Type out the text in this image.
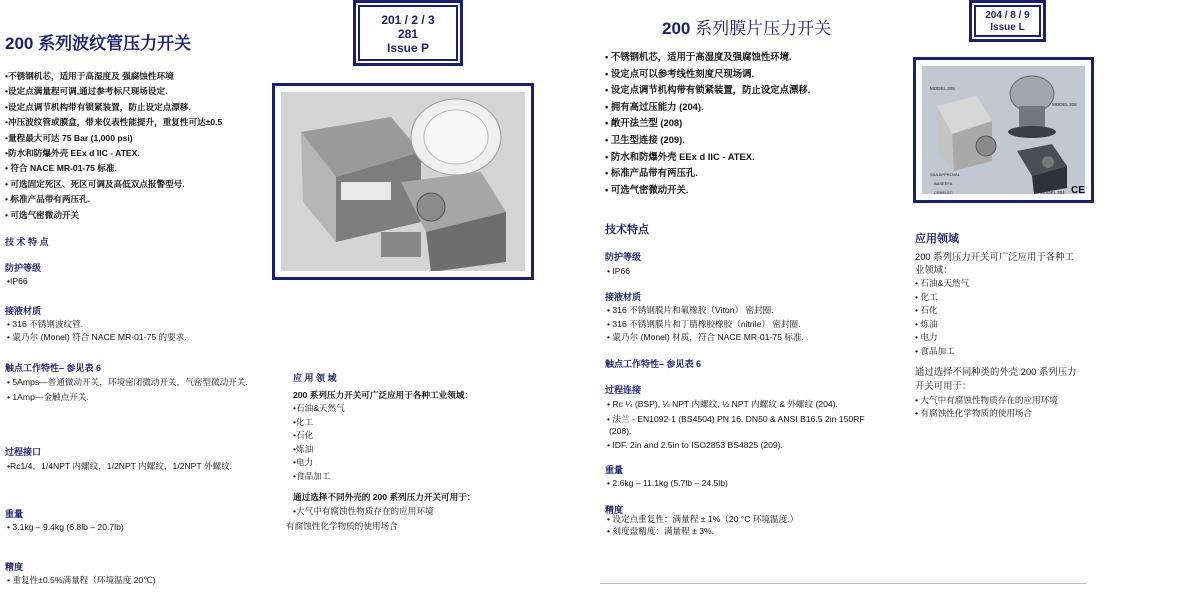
201 / 2 / 3
281
Issue P
200 系列波纹管压力开关
•不锈钢机芯，适用于高湿度及 强腐蚀性环境
•设定点满量程可调,通过参考标尺现场设定.
•设定点调节机构带有锁紧装置，防止设定点漂移.
•冲压波纹管或膜盒，带来仪表性能提升，重复性可达±0.5
•量程最大可达 75 Bar (1,000 psi)
•防水和防爆外壳 EEx d IIC - ATEX.
• 符合 NACE MR-01-75 标准.
• 可选固定死区、死区可调及高低双点报警型号.
• 标准产品带有两压孔.
• 可选气密微动开关
技 术 特 点
防护等级
•IP66
接液材质
• 316 不锈钢波纹管.
• 蒙乃尔 (Monel) 符合 NACE MR-01-75 的要求.
触点工作特性– 参见表 6
• 5Amps—普通微动开关，环境密闭微动开关，气密型微动开关.
• 1Amp—金触点开关.
过程接口
•Rc1/4，1/4NPT 内螺纹，1/2NPT 内螺纹，1/2NPT 外螺纹.
重量
• 3.1kg – 9.4kg (6.8lb – 20.7lb)
精度
• 重复性±0.5%满量程（环境温度 20℃)
应 用 领 域
200 系列压力开关可广泛应用于各种工业领域：
•石油&天然气
•化工
•石化
•炼油
•电力
•食品加工
通过选择不同外壳的 200 系列压力开关可用于：
•大气中有腐蚀性物质存在的应用环境
有腐蚀性化学物质的使用场合
200 系列膜片压力开关
204 / 8 / 9
Issue L
• 不锈钢机芯，适用于高湿度及强腐蚀性环境.
• 设定点可以参考线性刻度尺现场调.
• 设定点调节机构带有锁紧装置，防止设定点漂移.
• 拥有高过压能力 (204).
• 敞开法兰型 (208)
• 卫生型连接 (209).
• 防水和防爆外壳 EEx d IIC - ATEX.
• 标准产品带有两压孔.
• 可选气密微动开关.
技术特点
防护等级
• IP66
接液材质
• 316 不锈钢膜片和氟橡胶（Viton） 密封圈.
• 316 不锈钢膜片和丁腈橡胶橡胶（nitrile） 密封圈.
• 蒙乃尔 (Monel) 材质，符合 NACE MR-01-75 标准.
触点工作特性– 参见表 6
过程连接
• Rc ¼ (BSP), ¼ NPT 内螺纹, ½ NPT 内螺纹 & 外螺纹 (204).
• 法兰 - EN1092-1 (BS4504) PN 16. DN50 & ANSI B16.5 2in 150RF
(208).
• IDF. 2in and 2.5in to ISO2853 BS4825 (209).
重量
• 2.6kg – 11.1kg (5.7lb – 24.5lb)
精度
• 设定点重复性：满量程 ± 1%（20 °C 环境温度.）
• 刻度盘精度：满量程 ± 3%.
MODEL 209
MODEL 208
MODEL 204
SAA APPROVAL
BASEEFA
CENELEC	CE
应用领域
200 系列压力开关可广泛应用于各种工
业领域：
• 石油&天然气
• 化工
• 石化
• 炼油
• 电力
• 食品加工
通过选择不同种类的外壳 200 系列压力
开关可用于：
• 大气中有腐蚀性物质存在的应用环境
• 有腐蚀性化学物质的使用场合
